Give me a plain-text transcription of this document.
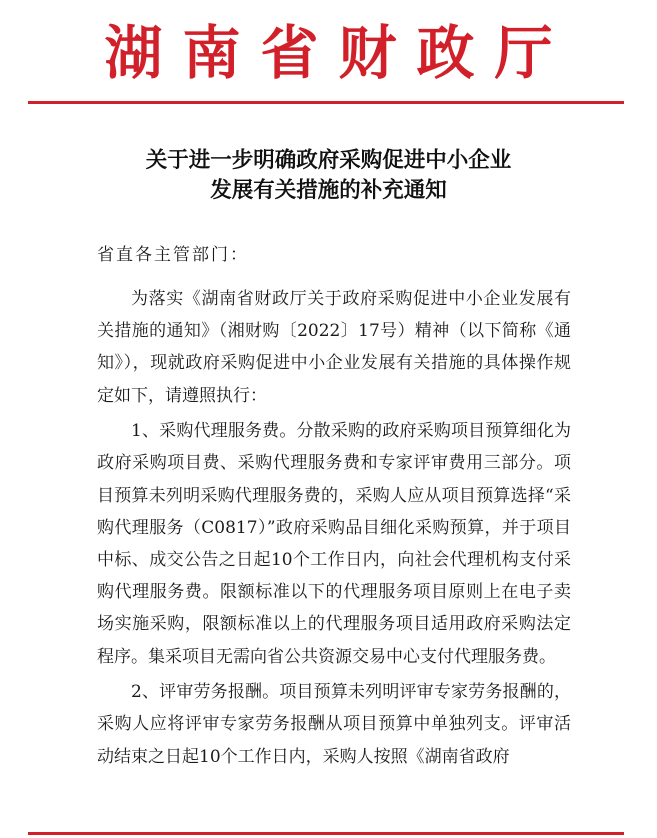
湖南省财政厅
关于进一步明确政府采购促进中小企业
发展有关措施的补充通知
省直各主管部门：

为落实《湖南省财政厅关于政府采购促进中小企业发展有关措施的通知》（湘财购〔2022〕17号）精神（以下简称《通知》），现就政府采购促进中小企业发展有关措施的具体操作规定如下，请遵照执行：

1、采购代理服务费。分散采购的政府采购项目预算细化为政府采购项目费、采购代理服务费和专家评审费用三部分。项目预算未列明采购代理服务费的，采购人应从项目预算选择“采购代理服务（C0817）”政府采购品目细化采购预算，并于项目中标、成交公告之日起10个工作日内，向社会代理机构支付采购代理服务费。限额标准以下的代理服务项目原则上在电子卖场实施采购，限额标准以上的代理服务项目适用政府采购法定程序。集采项目无需向省公共资源交易中心支付代理服务费。

2、评审劳务报酬。项目预算未列明评审专家劳务报酬的，采购人应将评审专家劳务报酬从项目预算中单独列支。评审活动结束之日起10个工作日内，采购人按照《湖南省政府
